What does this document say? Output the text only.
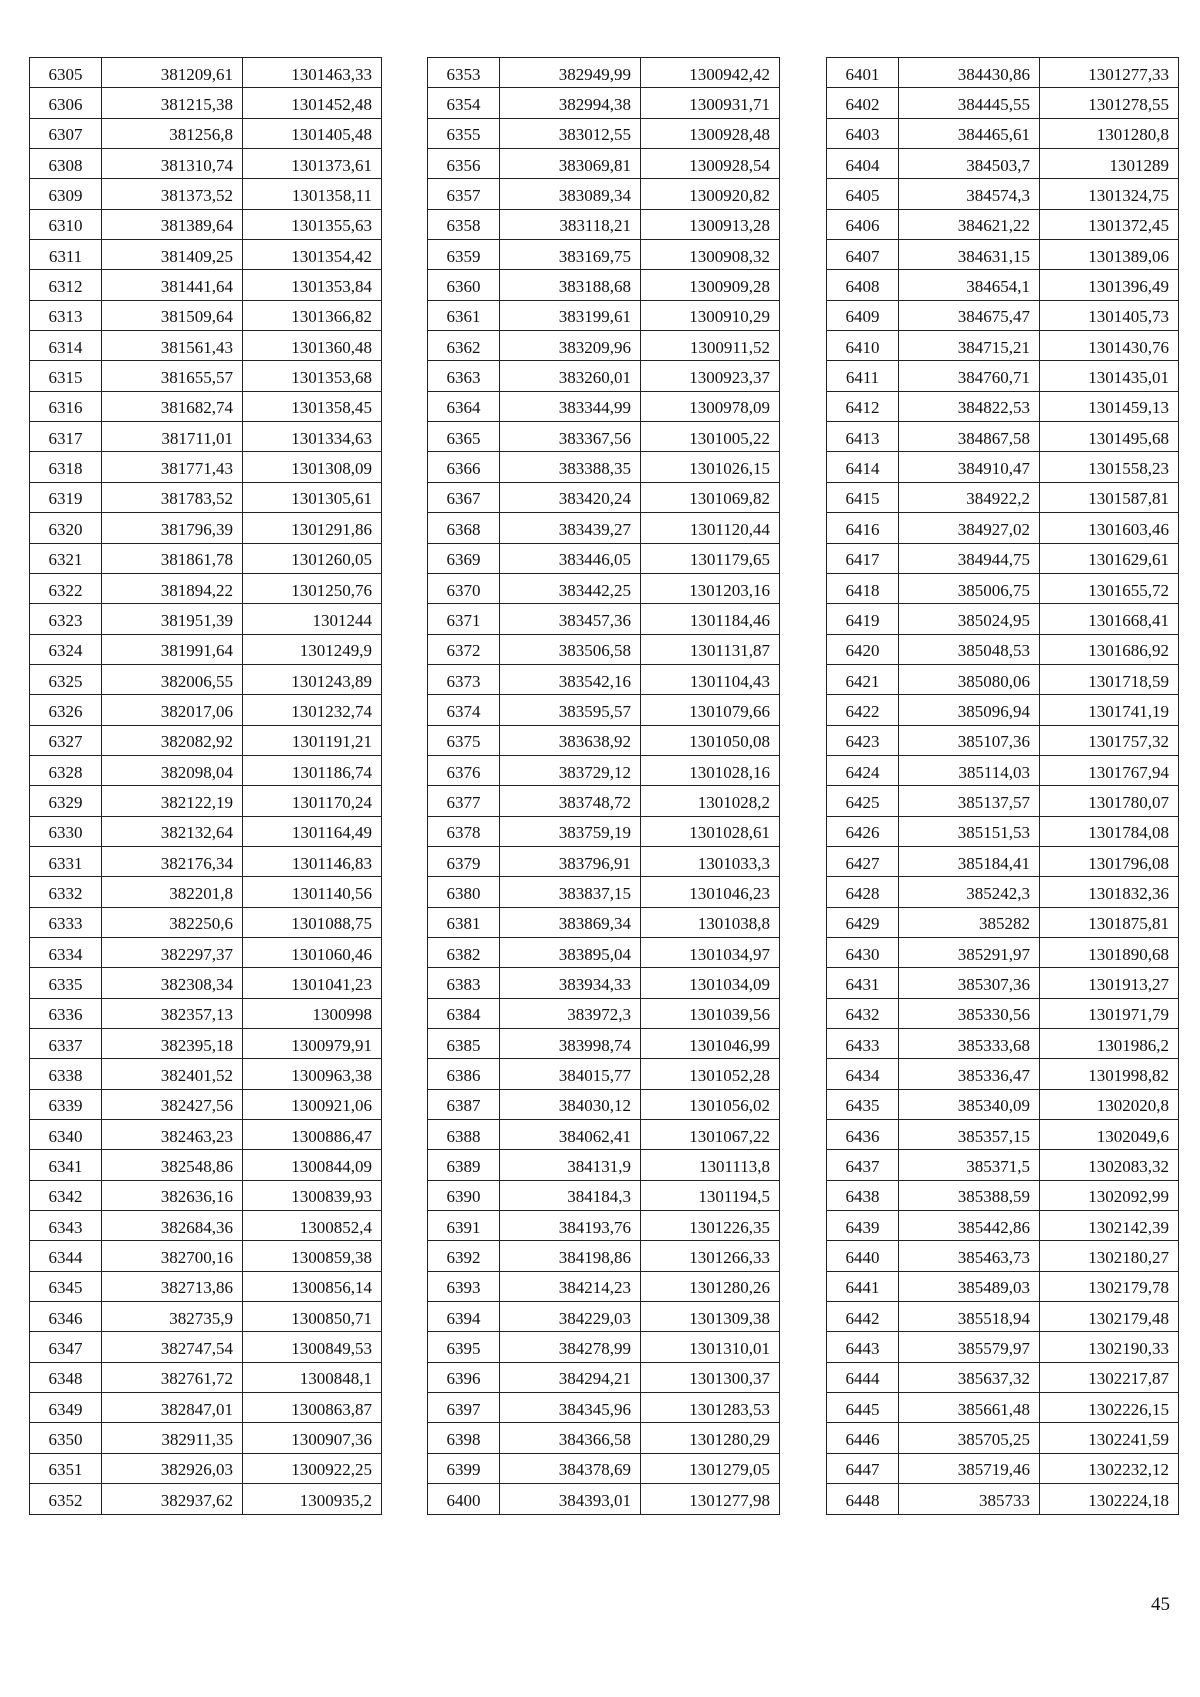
6305	381209,61	1301463,33
6306	381215,38	1301452,48
6307	381256,8	1301405,48
6308	381310,74	1301373,61
6309	381373,52	1301358,11
6310	381389,64	1301355,63
6311	381409,25	1301354,42
6312	381441,64	1301353,84
6313	381509,64	1301366,82
6314	381561,43	1301360,48
6315	381655,57	1301353,68
6316	381682,74	1301358,45
6317	381711,01	1301334,63
6318	381771,43	1301308,09
6319	381783,52	1301305,61
6320	381796,39	1301291,86
6321	381861,78	1301260,05
6322	381894,22	1301250,76
6323	381951,39	1301244
6324	381991,64	1301249,9
6325	382006,55	1301243,89
6326	382017,06	1301232,74
6327	382082,92	1301191,21
6328	382098,04	1301186,74
6329	382122,19	1301170,24
6330	382132,64	1301164,49
6331	382176,34	1301146,83
6332	382201,8	1301140,56
6333	382250,6	1301088,75
6334	382297,37	1301060,46
6335	382308,34	1301041,23
6336	382357,13	1300998
6337	382395,18	1300979,91
6338	382401,52	1300963,38
6339	382427,56	1300921,06
6340	382463,23	1300886,47
6341	382548,86	1300844,09
6342	382636,16	1300839,93
6343	382684,36	1300852,4
6344	382700,16	1300859,38
6345	382713,86	1300856,14
6346	382735,9	1300850,71
6347	382747,54	1300849,53
6348	382761,72	1300848,1
6349	382847,01	1300863,87
6350	382911,35	1300907,36
6351	382926,03	1300922,25
6352	382937,62	1300935,2
6353	382949,99	1300942,42
6354	382994,38	1300931,71
6355	383012,55	1300928,48
6356	383069,81	1300928,54
6357	383089,34	1300920,82
6358	383118,21	1300913,28
6359	383169,75	1300908,32
6360	383188,68	1300909,28
6361	383199,61	1300910,29
6362	383209,96	1300911,52
6363	383260,01	1300923,37
6364	383344,99	1300978,09
6365	383367,56	1301005,22
6366	383388,35	1301026,15
6367	383420,24	1301069,82
6368	383439,27	1301120,44
6369	383446,05	1301179,65
6370	383442,25	1301203,16
6371	383457,36	1301184,46
6372	383506,58	1301131,87
6373	383542,16	1301104,43
6374	383595,57	1301079,66
6375	383638,92	1301050,08
6376	383729,12	1301028,16
6377	383748,72	1301028,2
6378	383759,19	1301028,61
6379	383796,91	1301033,3
6380	383837,15	1301046,23
6381	383869,34	1301038,8
6382	383895,04	1301034,97
6383	383934,33	1301034,09
6384	383972,3	1301039,56
6385	383998,74	1301046,99
6386	384015,77	1301052,28
6387	384030,12	1301056,02
6388	384062,41	1301067,22
6389	384131,9	1301113,8
6390	384184,3	1301194,5
6391	384193,76	1301226,35
6392	384198,86	1301266,33
6393	384214,23	1301280,26
6394	384229,03	1301309,38
6395	384278,99	1301310,01
6396	384294,21	1301300,37
6397	384345,96	1301283,53
6398	384366,58	1301280,29
6399	384378,69	1301279,05
6400	384393,01	1301277,98
6401	384430,86	1301277,33
6402	384445,55	1301278,55
6403	384465,61	1301280,8
6404	384503,7	1301289
6405	384574,3	1301324,75
6406	384621,22	1301372,45
6407	384631,15	1301389,06
6408	384654,1	1301396,49
6409	384675,47	1301405,73
6410	384715,21	1301430,76
6411	384760,71	1301435,01
6412	384822,53	1301459,13
6413	384867,58	1301495,68
6414	384910,47	1301558,23
6415	384922,2	1301587,81
6416	384927,02	1301603,46
6417	384944,75	1301629,61
6418	385006,75	1301655,72
6419	385024,95	1301668,41
6420	385048,53	1301686,92
6421	385080,06	1301718,59
6422	385096,94	1301741,19
6423	385107,36	1301757,32
6424	385114,03	1301767,94
6425	385137,57	1301780,07
6426	385151,53	1301784,08
6427	385184,41	1301796,08
6428	385242,3	1301832,36
6429	385282	1301875,81
6430	385291,97	1301890,68
6431	385307,36	1301913,27
6432	385330,56	1301971,79
6433	385333,68	1301986,2
6434	385336,47	1301998,82
6435	385340,09	1302020,8
6436	385357,15	1302049,6
6437	385371,5	1302083,32
6438	385388,59	1302092,99
6439	385442,86	1302142,39
6440	385463,73	1302180,27
6441	385489,03	1302179,78
6442	385518,94	1302179,48
6443	385579,97	1302190,33
6444	385637,32	1302217,87
6445	385661,48	1302226,15
6446	385705,25	1302241,59
6447	385719,46	1302232,12
6448	385733	1302224,18
45
